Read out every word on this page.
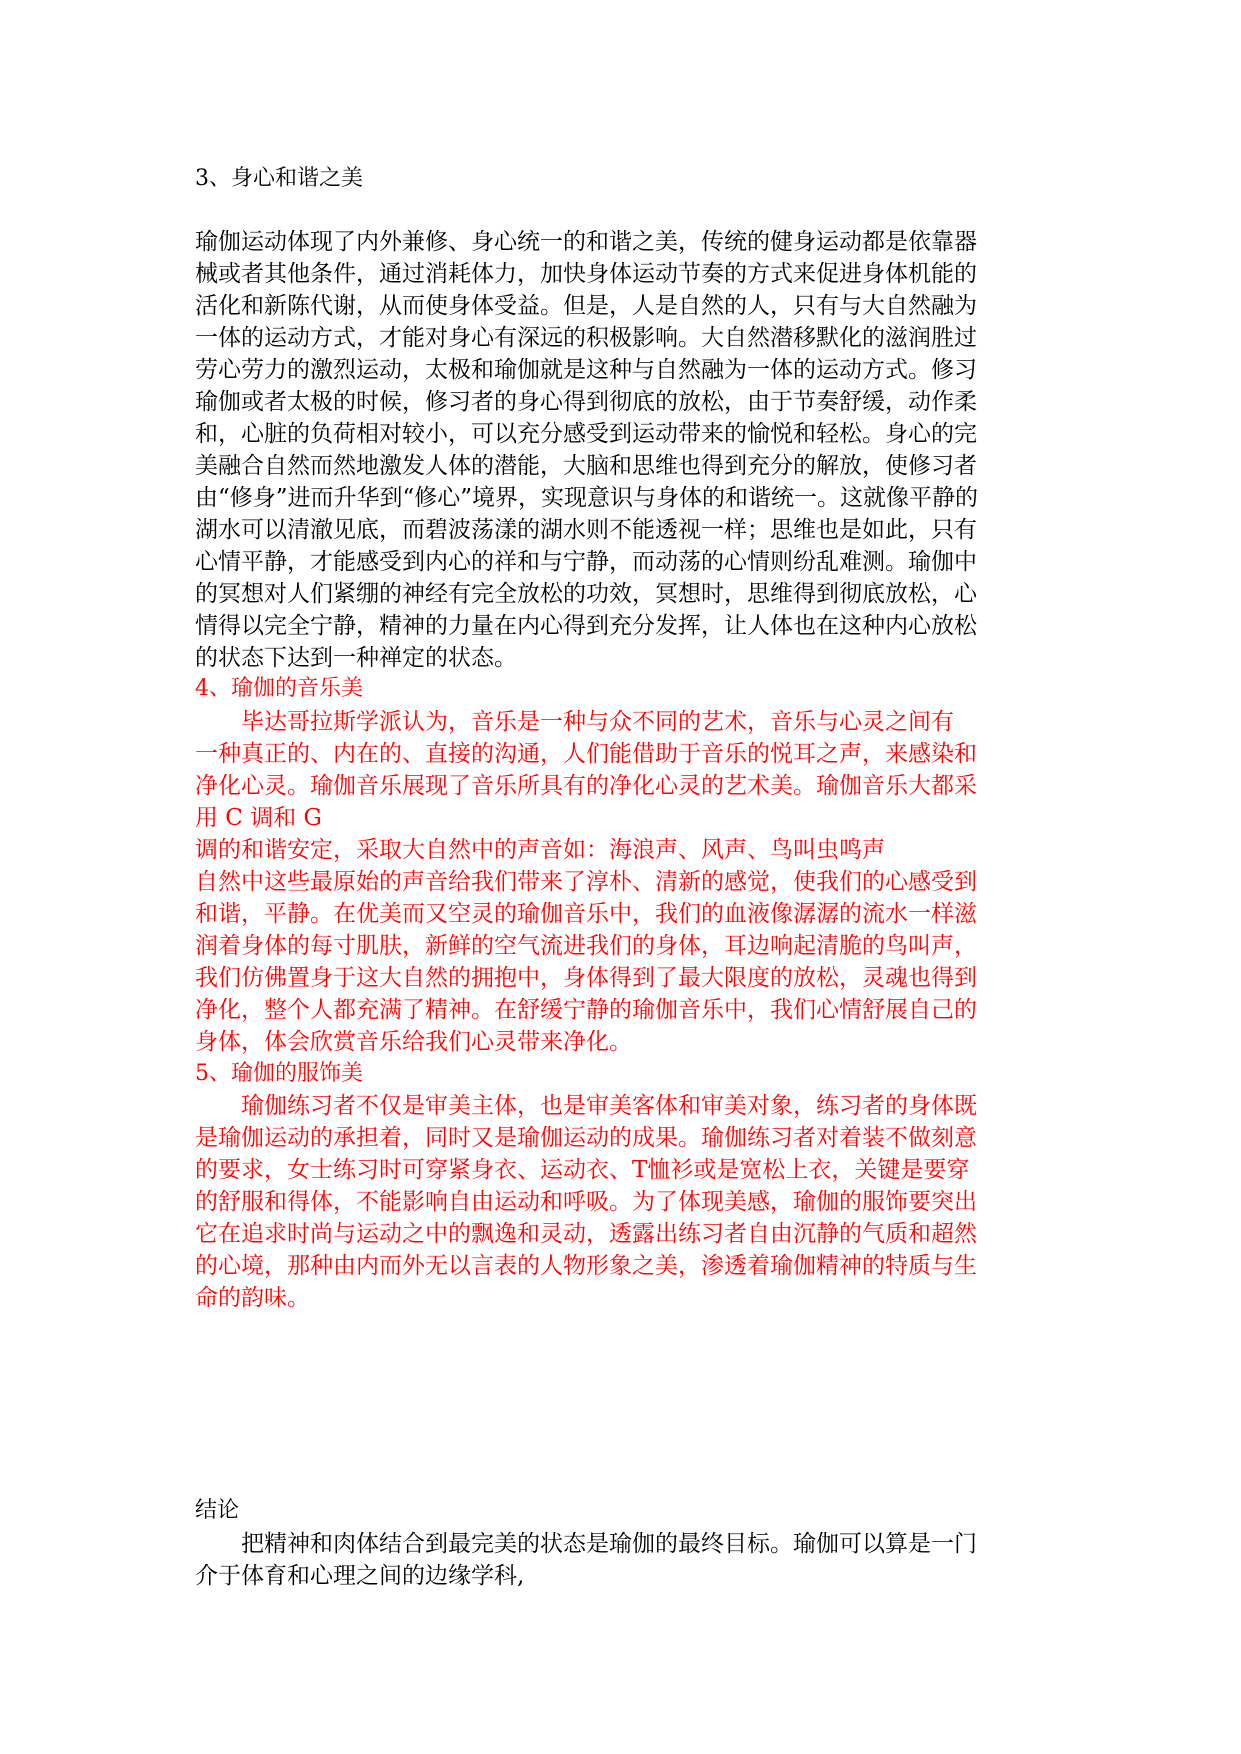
3、身心和谐之美
瑜伽运动体现了内外兼修、身心统一的和谐之美，传统的健身运动都是依靠器
械或者其他条件，通过消耗体力，加快身体运动节奏的方式来促进身体机能的
活化和新陈代谢，从而使身体受益。但是，人是自然的人，只有与大自然融为
一体的运动方式，才能对身心有深远的积极影响。大自然潜移默化的滋润胜过
劳心劳力的激烈运动，太极和瑜伽就是这种与自然融为一体的运动方式。修习
瑜伽或者太极的时候，修习者的身心得到彻底的放松，由于节奏舒缓，动作柔
和，心脏的负荷相对较小，可以充分感受到运动带来的愉悦和轻松。身心的完
美融合自然而然地激发人体的潜能，大脑和思维也得到充分的解放，使修习者
由“修身”进而升华到“修心”境界，实现意识与身体的和谐统一。这就像平静的
湖水可以清澈见底，而碧波荡漾的湖水则不能透视一样；思维也是如此，只有
心情平静，才能感受到内心的祥和与宁静，而动荡的心情则纷乱难测。瑜伽中
的冥想对人们紧绷的神经有完全放松的功效，冥想时，思维得到彻底放松，心
情得以完全宁静，精神的力量在内心得到充分发挥，让人体也在这种内心放松
的状态下达到一种禅定的状态。
4、瑜伽的音乐美
　　毕达哥拉斯学派认为，音乐是一种与众不同的艺术，音乐与心灵之间有
一种真正的、内在的、直接的沟通，人们能借助于音乐的悦耳之声，来感染和
净化心灵。瑜伽音乐展现了音乐所具有的净化心灵的艺术美。瑜伽音乐大都采
用 C 调和 G
调的和谐安定，采取大自然中的声音如：海浪声、风声、鸟叫虫鸣声
自然中这些最原始的声音给我们带来了淳朴、清新的感觉，使我们的心感受到
和谐，平静。在优美而又空灵的瑜伽音乐中，我们的血液像潺潺的流水一样滋
润着身体的每寸肌肤，新鲜的空气流进我们的身体，耳边响起清脆的鸟叫声，
我们仿佛置身于这大自然的拥抱中，身体得到了最大限度的放松，灵魂也得到
净化，整个人都充满了精神。在舒缓宁静的瑜伽音乐中，我们心情舒展自己的
身体，体会欣赏音乐给我们心灵带来净化。
5、瑜伽的服饰美
　　瑜伽练习者不仅是审美主体，也是审美客体和审美对象，练习者的身体既
是瑜伽运动的承担着，同时又是瑜伽运动的成果。瑜伽练习者对着装不做刻意
的要求，女士练习时可穿紧身衣、运动衣、T恤衫或是宽松上衣，关键是要穿
的舒服和得体，不能影响自由运动和呼吸。为了体现美感，瑜伽的服饰要突出
它在追求时尚与运动之中的飘逸和灵动，透露出练习者自由沉静的气质和超然
的心境，那种由内而外无以言表的人物形象之美，渗透着瑜伽精神的特质与生
命的韵味。
结论
　　把精神和肉体结合到最完美的状态是瑜伽的最终目标。瑜伽可以算是一门
介于体育和心理之间的边缘学科,
